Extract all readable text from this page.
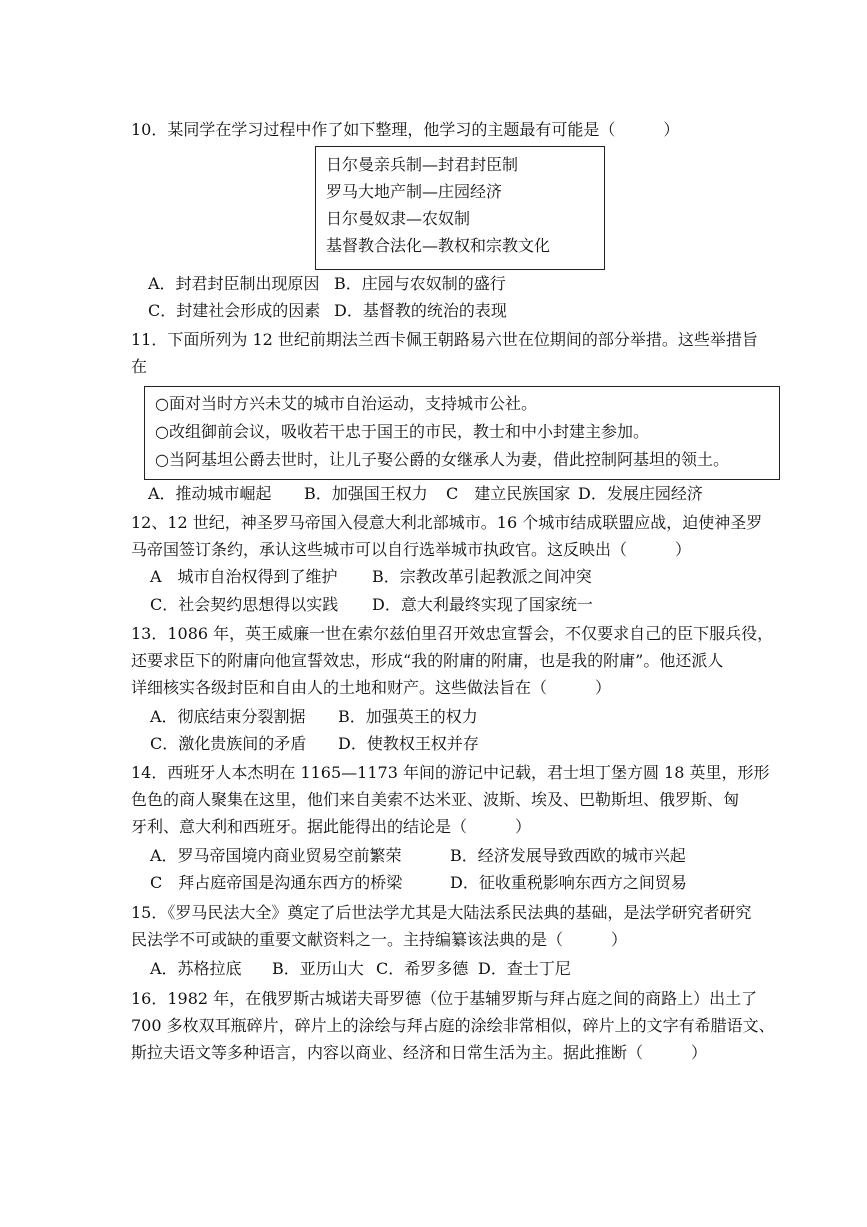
10．某同学在学习过程中作了如下整理，他学习的主题最有可能是（　　　）
日尔曼亲兵制—封君封臣制
罗马大地产制—庄园经济
日尔曼奴隶—农奴制
基督教合法化—教权和宗教文化
A．封君封臣制出现原因 B．庄园与农奴制的盛行
C．封建社会形成的因素 D．基督教的统治的表现
11．下面所列为 12 世纪前期法兰西卡佩王朝路易六世在位期间的部分举措。这些举措旨
在
○面对当时方兴未艾的城市自治运动，支持城市公社。
○改组御前会议，吸收若干忠于国王的市民，教士和中小封建主参加。
○当阿基坦公爵去世时，让儿子娶公爵的女继承人为妻，借此控制阿基坦的领土。
A．推动城市崛起 B．加强国王权力 C　建立民族国家 D．发展庄园经济
12、12 世纪，神圣罗马帝国入侵意大利北部城市。16 个城市结成联盟应战，迫使神圣罗
马帝国签订条约，承认这些城市可以自行选举城市执政官。这反映出（　　　）
A　城市自治权得到了维护 B．宗教改革引起教派之间冲突
C．社会契约思想得以实践 D．意大利最终实现了国家统一
13．1086 年，英王威廉一世在索尔兹伯里召开效忠宣誓会，不仅要求自己的臣下服兵役，
还要求臣下的附庸向他宣誓效忠，形成“我的附庸的附庸，也是我的附庸”。他还派人
详细核实各级封臣和自由人的土地和财产。这些做法旨在（　　　）
A．彻底结束分裂割据 B．加强英王的权力
C．激化贵族间的矛盾 D．使教权王权并存
14．西班牙人本杰明在 1165—1173 年间的游记中记载，君士坦丁堡方圆 18 英里，形形
色色的商人聚集在这里，他们来自美索不达米亚、波斯、埃及、巴勒斯坦、俄罗斯、匈
牙利、意大利和西班牙。据此能得出的结论是（　　　）
A．罗马帝国境内商业贸易空前繁荣	B．经济发展导致西欧的城市兴起
C　拜占庭帝国是沟通东西方的桥梁	D．征收重税影响东西方之间贸易
15．《罗马民法大全》奠定了后世法学尤其是大陆法系民法典的基础，是法学研究者研究
民法学不可或缺的重要文献资料之一。主持编纂该法典的是（　　　）
A．苏格拉底 B．亚历山大 C．希罗多德 D．查士丁尼
16．1982 年，在俄罗斯古城诺夫哥罗德（位于基辅罗斯与拜占庭之间的商路上）出土了
700 多枚双耳瓶碎片，碎片上的涂绘与拜占庭的涂绘非常相似，碎片上的文字有希腊语文、
斯拉夫语文等多种语言，内容以商业、经济和日常生活为主。据此推断（　　　）
